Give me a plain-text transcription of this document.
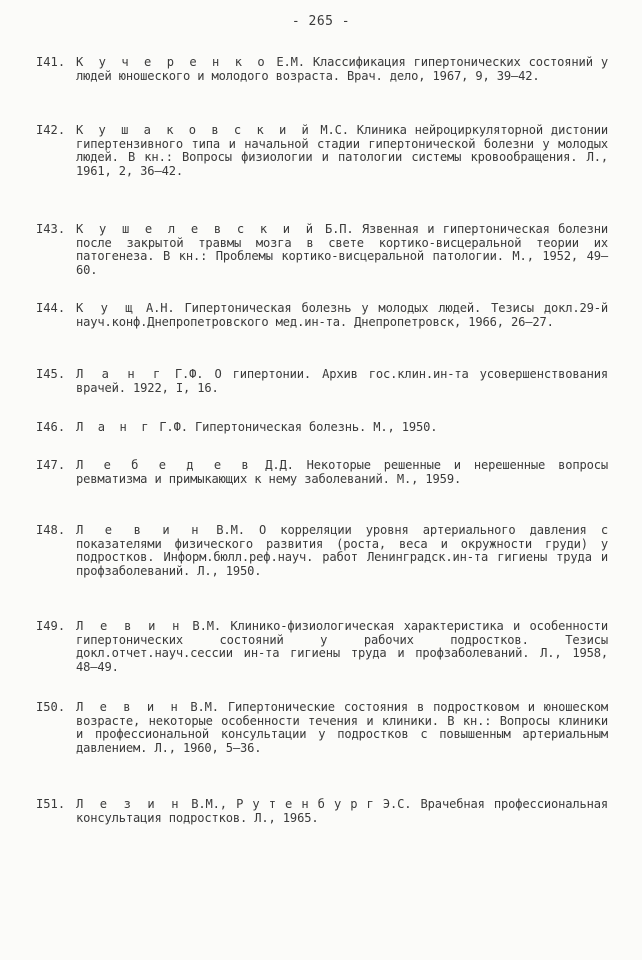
- 265 -
I41. К у ч е р е н к о Е.М. Классификация гипертонических состояний у людей юношеского и молодого возраста. Врач. дело, 1967, 9, 39–42.
I42. К у ш а к о в с к и й М.С. Клиника нейроциркуляторной дистонии гипертензивного типа и начальной стадии гипертонической болезни у молодых людей. В кн.: Вопросы физиологии и патологии системы кровообращения. Л., 1961, 2, 36–42.
I43. К у ш е л е в с к и й Б.П. Язвенная и гипертоническая болезни после закрытой травмы мозга в свете кортико-висцеральной теории их патогенеза. В кн.: Проблемы кортико-висцеральной патологии. М., 1952, 49–60.
I44. К у щ А.Н. Гипертоническая болезнь у молодых людей. Тезисы докл.29-й науч.конф.Днепропетровского мед.ин-та. Днепропетровск, 1966, 26–27.
I45. Л а н г Г.Ф. О гипертонии. Архив гос.клин.ин-та усовершенствования врачей. 1922, I, 16.
I46. Л а н г Г.Ф. Гипертоническая болезнь. М., 1950.
I47. Л е б е д е в Д.Д. Некоторые решенные и нерешенные вопросы ревматизма и примыкающих к нему заболеваний. М., 1959.
I48. Л е в и н В.М. О корреляции уровня артериального давления с показателями физического развития (роста, веса и окружности груди) у подростков. Информ.бюлл.реф.науч. работ Ленинградск.ин-та гигиены труда и профзаболеваний. Л., 1950.
I49. Л е в и н В.М. Клинико-физиологическая характеристика и особенности гипертонических состояний у рабочих подростков. Тезисы докл.отчет.науч.сессии ин-та гигиены труда и профзаболеваний. Л., 1958, 48–49.
I50. Л е в и н В.М. Гипертонические состояния в подростковом и юношеском возрасте, некоторые особенности течения и клиники. В кн.: Вопросы клиники и профессиональной консультации у подростков с повышенным артериальным давлением. Л., 1960, 5–36.
I51. Л е з и н В.М., Р у т е н б у р г Э.С. Врачебная профессиональная консультация подростков. Л., 1965.
